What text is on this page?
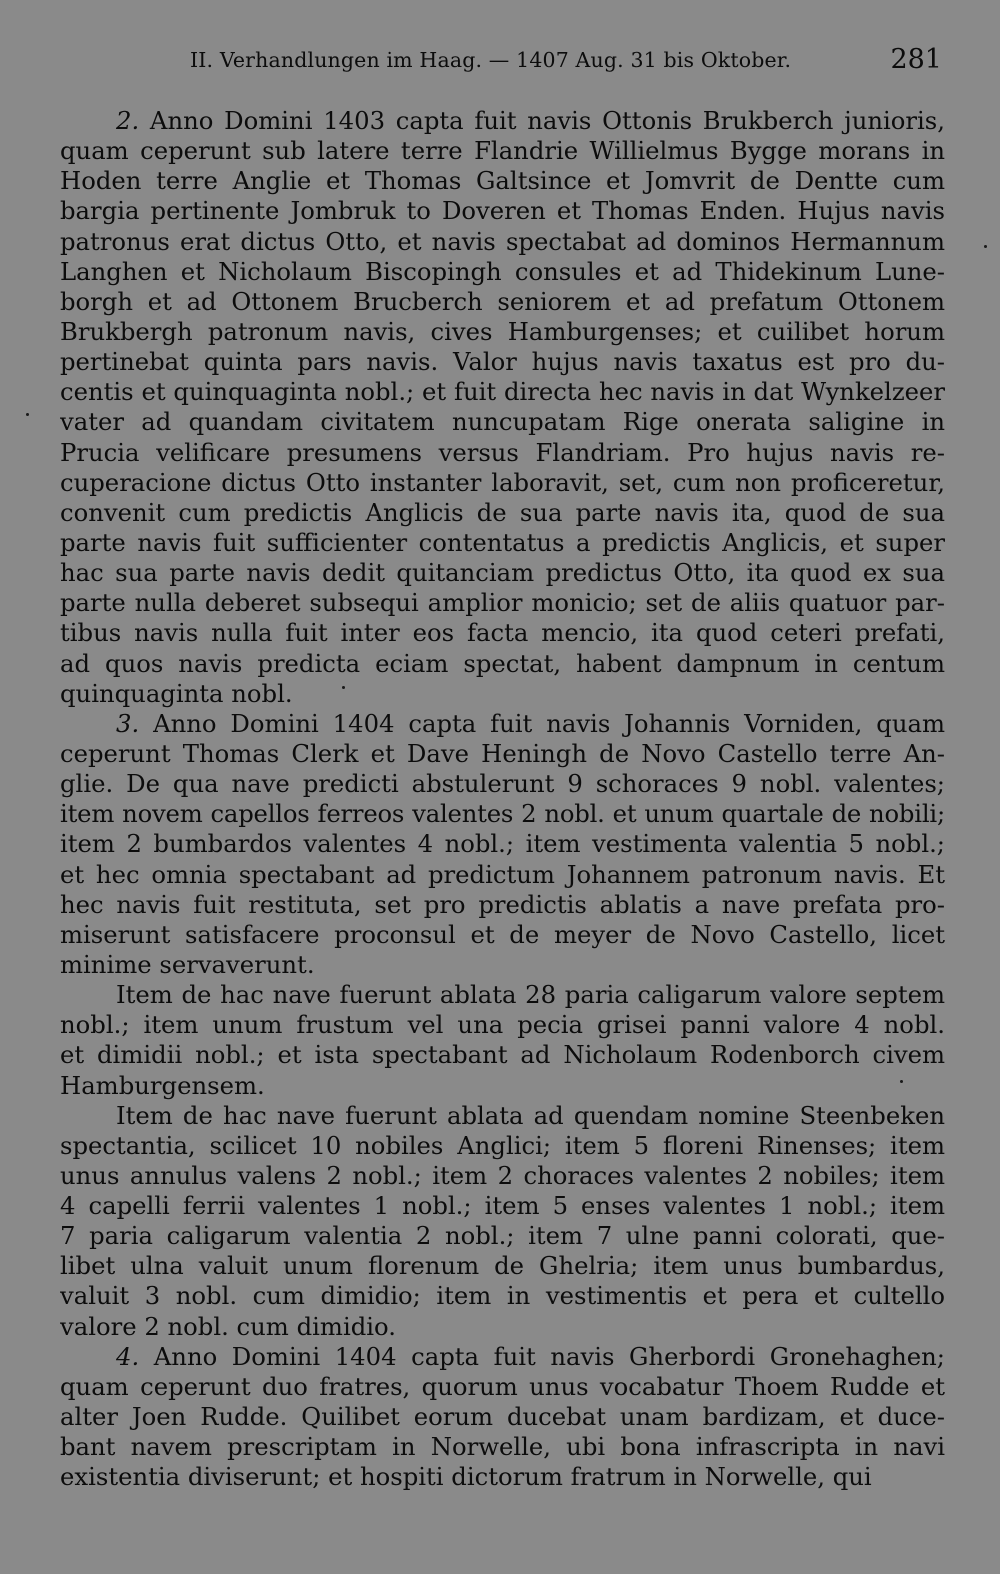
II. Verhandlungen im Haag. — 1407 Aug. 31 bis Oktober.	281
2. Anno Domini 1403 capta fuit navis Ottonis Brukberch junioris,
quam ceperunt sub latere terre Flandrie Willielmus Bygge morans in
Hoden terre Anglie et Thomas Galtsince et Jomvrit de Dentte cum
bargia pertinente Jombruk to Doveren et Thomas Enden. Hujus navis
patronus erat dictus Otto, et navis spectabat ad dominos Hermannum
Langhen et Nicholaum Biscopingh consules et ad Thidekinum Lune-
borgh et ad Ottonem Brucberch seniorem et ad prefatum Ottonem
Brukbergh patronum navis, cives Hamburgenses; et cuilibet horum
pertinebat quinta pars navis. Valor hujus navis taxatus est pro du-
centis et quinquaginta nobl.; et fuit directa hec navis in dat Wynkelzeer
vater ad quandam civitatem nuncupatam Rige onerata saligine in
Prucia velificare presumens versus Flandriam. Pro hujus navis re-
cuperacione dictus Otto instanter laboravit, set, cum non proficeretur,
convenit cum predictis Anglicis de sua parte navis ita, quod de sua
parte navis fuit sufficienter contentatus a predictis Anglicis, et super
hac sua parte navis dedit quitanciam predictus Otto, ita quod ex sua
parte nulla deberet subsequi amplior monicio; set de aliis quatuor par-
tibus navis nulla fuit inter eos facta mencio, ita quod ceteri prefati,
ad quos navis predicta eciam spectat, habent dampnum in centum
quinquaginta nobl.
3. Anno Domini 1404 capta fuit navis Johannis Vorniden, quam
ceperunt Thomas Clerk et Dave Heningh de Novo Castello terre An-
glie. De qua nave predicti abstulerunt 9 schoraces 9 nobl. valentes;
item novem capellos ferreos valentes 2 nobl. et unum quartale de nobili;
item 2 bumbardos valentes 4 nobl.; item vestimenta valentia 5 nobl.;
et hec omnia spectabant ad predictum Johannem patronum navis. Et
hec navis fuit restituta, set pro predictis ablatis a nave prefata pro-
miserunt satisfacere proconsul et de meyer de Novo Castello, licet
minime servaverunt.
Item de hac nave fuerunt ablata 28 paria caligarum valore septem
nobl.; item unum frustum vel una pecia grisei panni valore 4 nobl.
et dimidii nobl.; et ista spectabant ad Nicholaum Rodenborch civem
Hamburgensem.
Item de hac nave fuerunt ablata ad quendam nomine Steenbeken
spectantia, scilicet 10 nobiles Anglici; item 5 floreni Rinenses; item
unus annulus valens 2 nobl.; item 2 choraces valentes 2 nobiles; item
4 capelli ferrii valentes 1 nobl.; item 5 enses valentes 1 nobl.; item
7 paria caligarum valentia 2 nobl.; item 7 ulne panni colorati, que-
libet ulna valuit unum florenum de Ghelria; item unus bumbardus,
valuit 3 nobl. cum dimidio; item in vestimentis et pera et cultello
valore 2 nobl. cum dimidio.
4. Anno Domini 1404 capta fuit navis Gherbordi Gronehaghen;
quam ceperunt duo fratres, quorum unus vocabatur Thoem Rudde et
alter Joen Rudde. Quilibet eorum ducebat unam bardizam, et duce-
bant navem prescriptam in Norwelle, ubi bona infrascripta in navi
existentia diviserunt; et hospiti dictorum fratrum in Norwelle, qui
